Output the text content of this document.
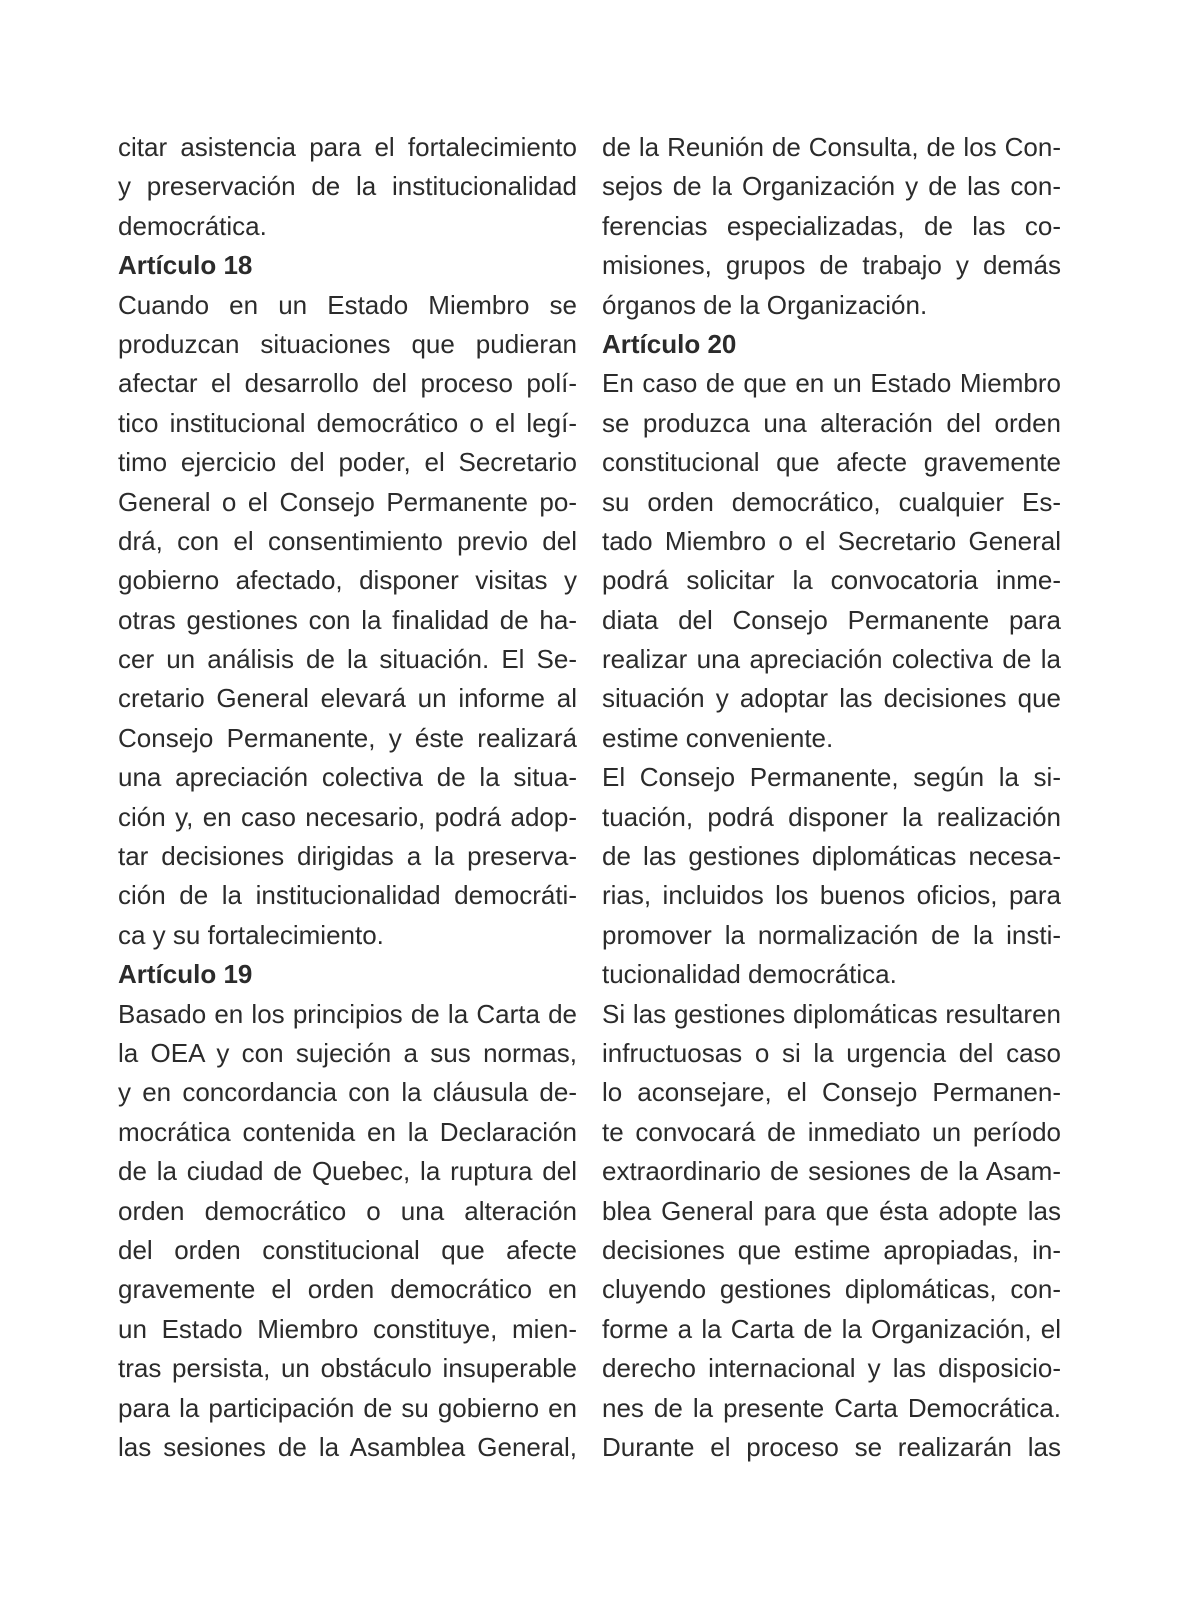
citar asistencia para el fortalecimiento
y preservación de la institucionalidad
democrática.
Artículo 18
Cuando en un Estado Miembro se
produzcan situaciones que pudieran
afectar el desarrollo del proceso polí-
tico institucional democrático o el legí-
timo ejercicio del poder, el Secretario
General o el Consejo Permanente po-
drá, con el consentimiento previo del
gobierno afectado, disponer visitas y
otras gestiones con la finalidad de ha-
cer un análisis de la situación. El Se-
cretario General elevará un informe al
Consejo Permanente, y éste realizará
una apreciación colectiva de la situa-
ción y, en caso necesario, podrá adop-
tar decisiones dirigidas a la preserva-
ción de la institucionalidad democráti-
ca y su fortalecimiento.
Artículo 19
Basado en los principios de la Carta de
la OEA y con sujeción a sus normas,
y en concordancia con la cláusula de-
mocrática contenida en la Declaración
de la ciudad de Quebec, la ruptura del
orden democrático o una alteración
del orden constitucional que afecte
gravemente el orden democrático en
un Estado Miembro constituye, mien-
tras persista, un obstáculo insuperable
para la participación de su gobierno en
las sesiones de la Asamblea General,
de la Reunión de Consulta, de los Con-
sejos de la Organización y de las con-
ferencias especializadas, de las co-
misiones, grupos de trabajo y demás
órganos de la Organización.
Artículo 20
En caso de que en un Estado Miembro
se produzca una alteración del orden
constitucional que afecte gravemente
su orden democrático, cualquier Es-
tado Miembro o el Secretario General
podrá solicitar la convocatoria inme-
diata del Consejo Permanente para
realizar una apreciación colectiva de la
situación y adoptar las decisiones que
estime conveniente.
El Consejo Permanente, según la si-
tuación, podrá disponer la realización
de las gestiones diplomáticas necesa-
rias, incluidos los buenos oficios, para
promover la normalización de la insti-
tucionalidad democrática.
Si las gestiones diplomáticas resultaren
infructuosas o si la urgencia del caso
lo aconsejare, el Consejo Permanen-
te convocará de inmediato un período
extraordinario de sesiones de la Asam-
blea General para que ésta adopte las
decisiones que estime apropiadas, in-
cluyendo gestiones diplomáticas, con-
forme a la Carta de la Organización, el
derecho internacional y las disposicio-
nes de la presente Carta Democrática.
Durante el proceso se realizarán las
